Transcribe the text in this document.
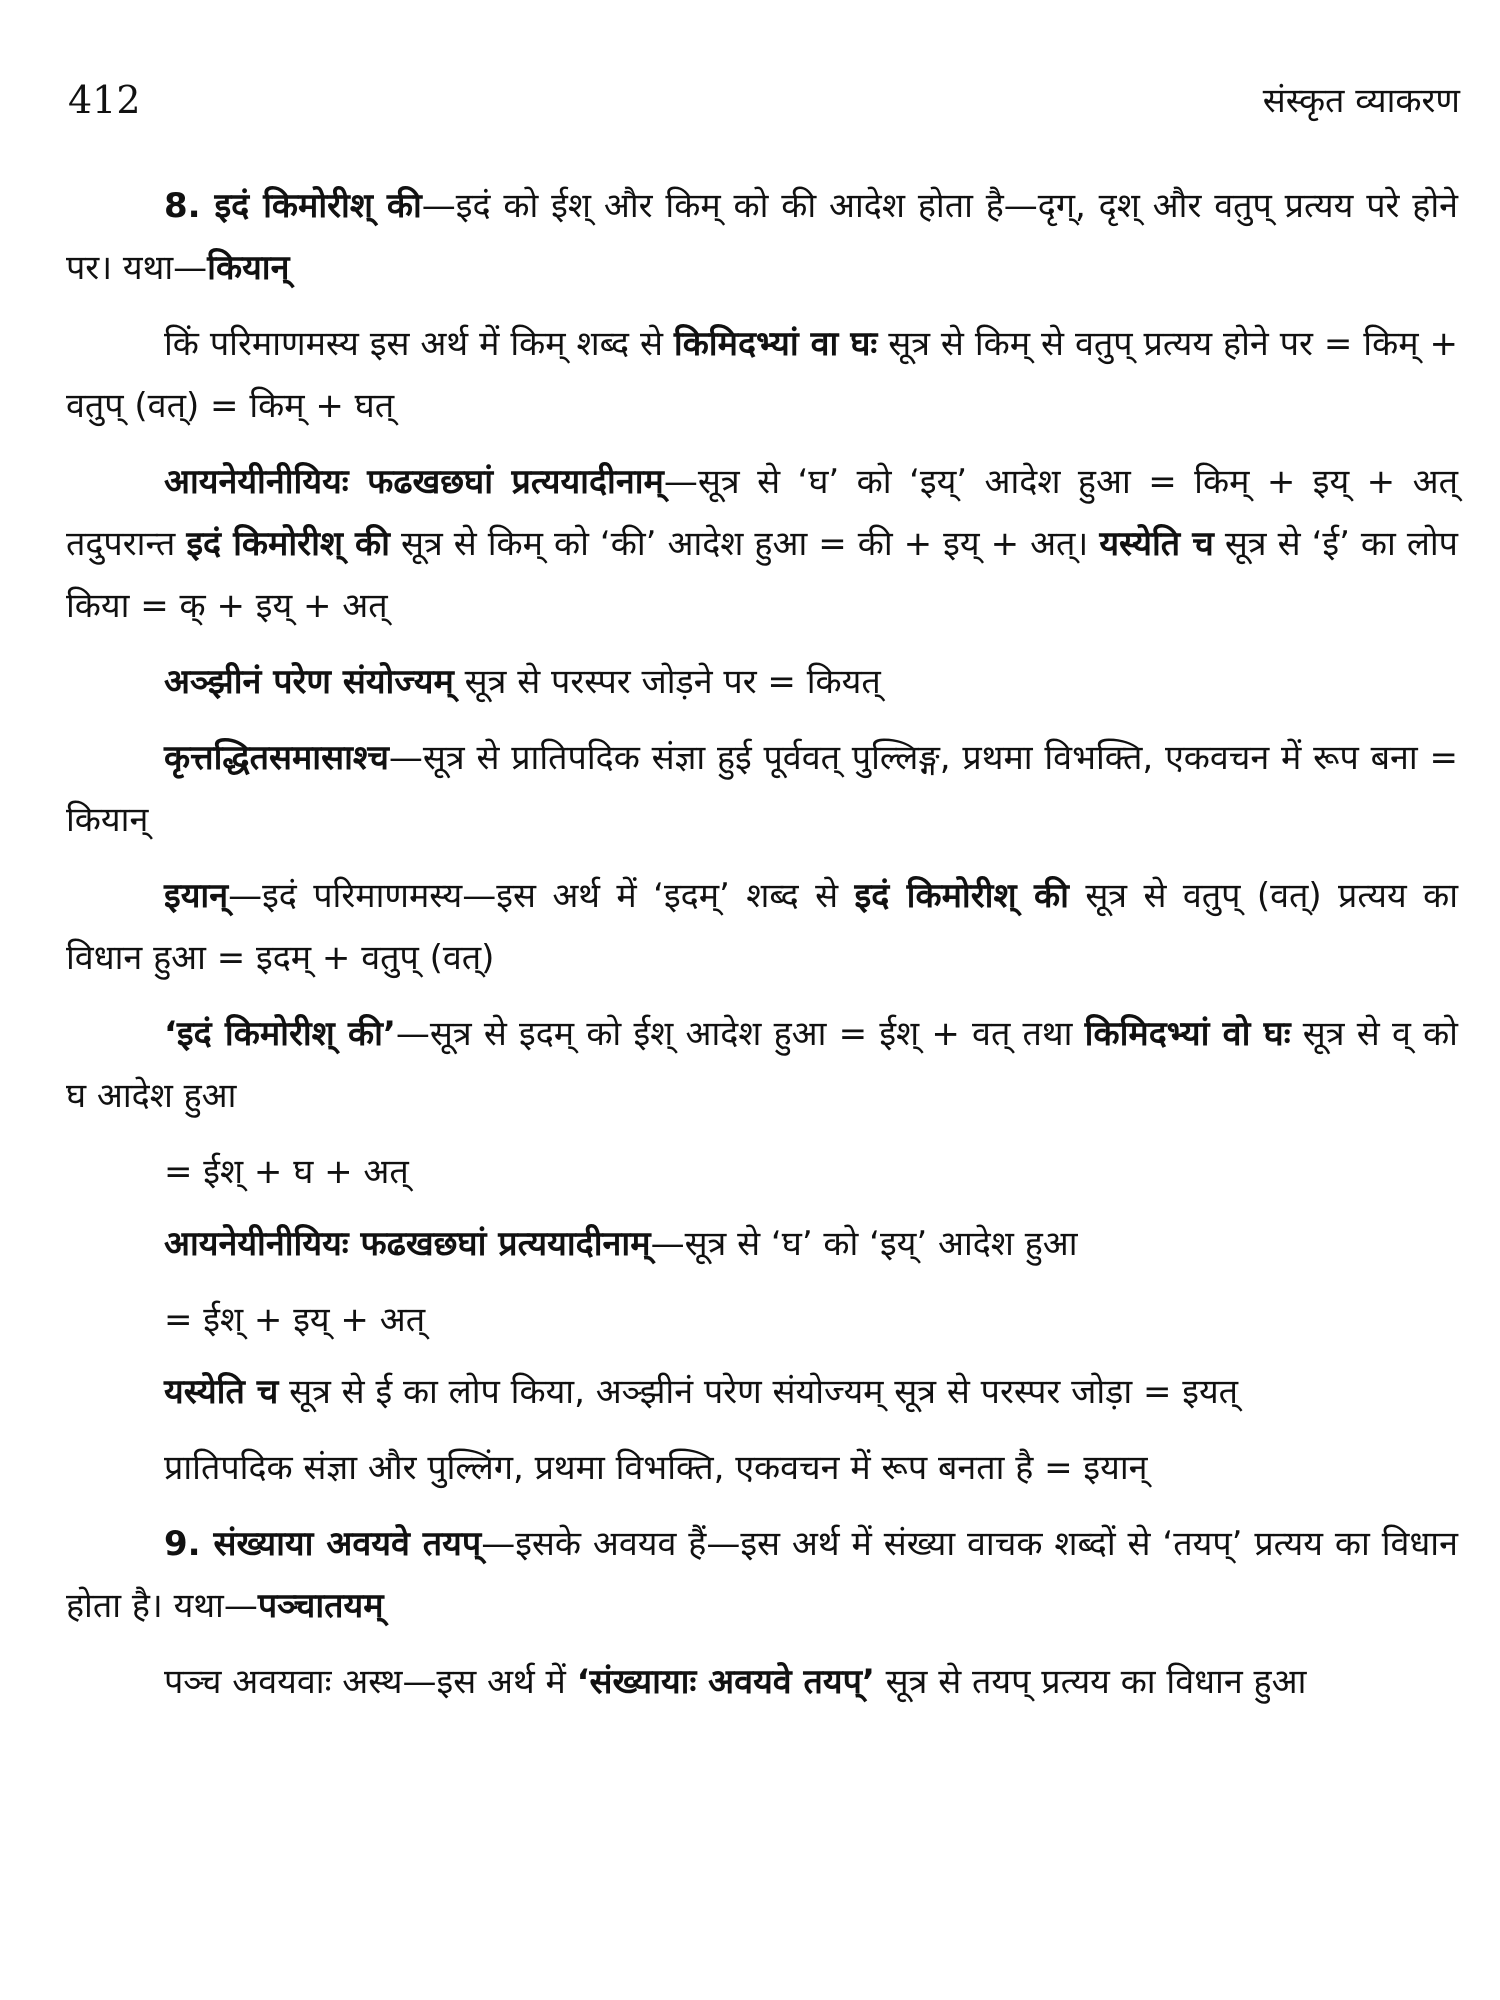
412	संस्कृत व्याकरण

8. इदं किमोरीश् की—इदं को ईश् और किम् को की आदेश होता है—दृग्, दृश् और वतुप् प्रत्यय परे होने पर। यथा—कियान्

किं परिमाणमस्य इस अर्थ में किम् शब्द से किमिदभ्यां वा घः सूत्र से किम् से वतुप् प्रत्यय होने पर = किम् + वतुप् (वत्) = किम् + घत्

आयनेयीनीयियः फढखछघां प्रत्ययादीनाम्—सूत्र से ‘घ’ को ‘इय्’ आदेश हुआ = किम् + इय् + अत् तदुपरान्त इदं किमोरीश् की सूत्र से किम् को ‘की’ आदेश हुआ = की + इय् + अत्। यस्येति च सूत्र से ‘ई’ का लोप किया = क् + इय् + अत्

अञ्झीनं परेण संयोज्यम् सूत्र से परस्पर जोड़ने पर = कियत्

कृत्तद्धितसमासाश्च—सूत्र से प्रातिपदिक संज्ञा हुई पूर्ववत् पुल्लिङ्ग, प्रथमा विभक्ति, एकवचन में रूप बना = कियान्

इयान्—इदं परिमाणमस्य—इस अर्थ में ‘इदम्’ शब्द से इदं किमोरीश् की सूत्र से वतुप् (वत्) प्रत्यय का विधान हुआ = इदम् + वतुप् (वत्)

‘इदं किमोरीश् की’—सूत्र से इदम् को ईश् आदेश हुआ = ईश् + वत् तथा किमिदभ्यां वो घः सूत्र से व् को घ आदेश हुआ

= ईश् + घ + अत्

आयनेयीनीयियः फढखछघां प्रत्ययादीनाम्—सूत्र से ‘घ’ को ‘इय्’ आदेश हुआ

= ईश् + इय् + अत्

यस्येति च सूत्र से ई का लोप किया, अञ्झीनं परेण संयोज्यम् सूत्र से परस्पर जोड़ा = इयत्

प्रातिपदिक संज्ञा और पुल्लिंग, प्रथमा विभक्ति, एकवचन में रूप बनता है = इयान्

9. संख्याया अवयवे तयप्—इसके अवयव हैं—इस अर्थ में संख्या वाचक शब्दों से ‘तयप्’ प्रत्यय का विधान होता है। यथा—पञ्चातयम्

पञ्च अवयवाः अस्थ—इस अर्थ में ‘संख्यायाः अवयवे तयप्’ सूत्र से तयप् प्रत्यय का विधान हुआ
